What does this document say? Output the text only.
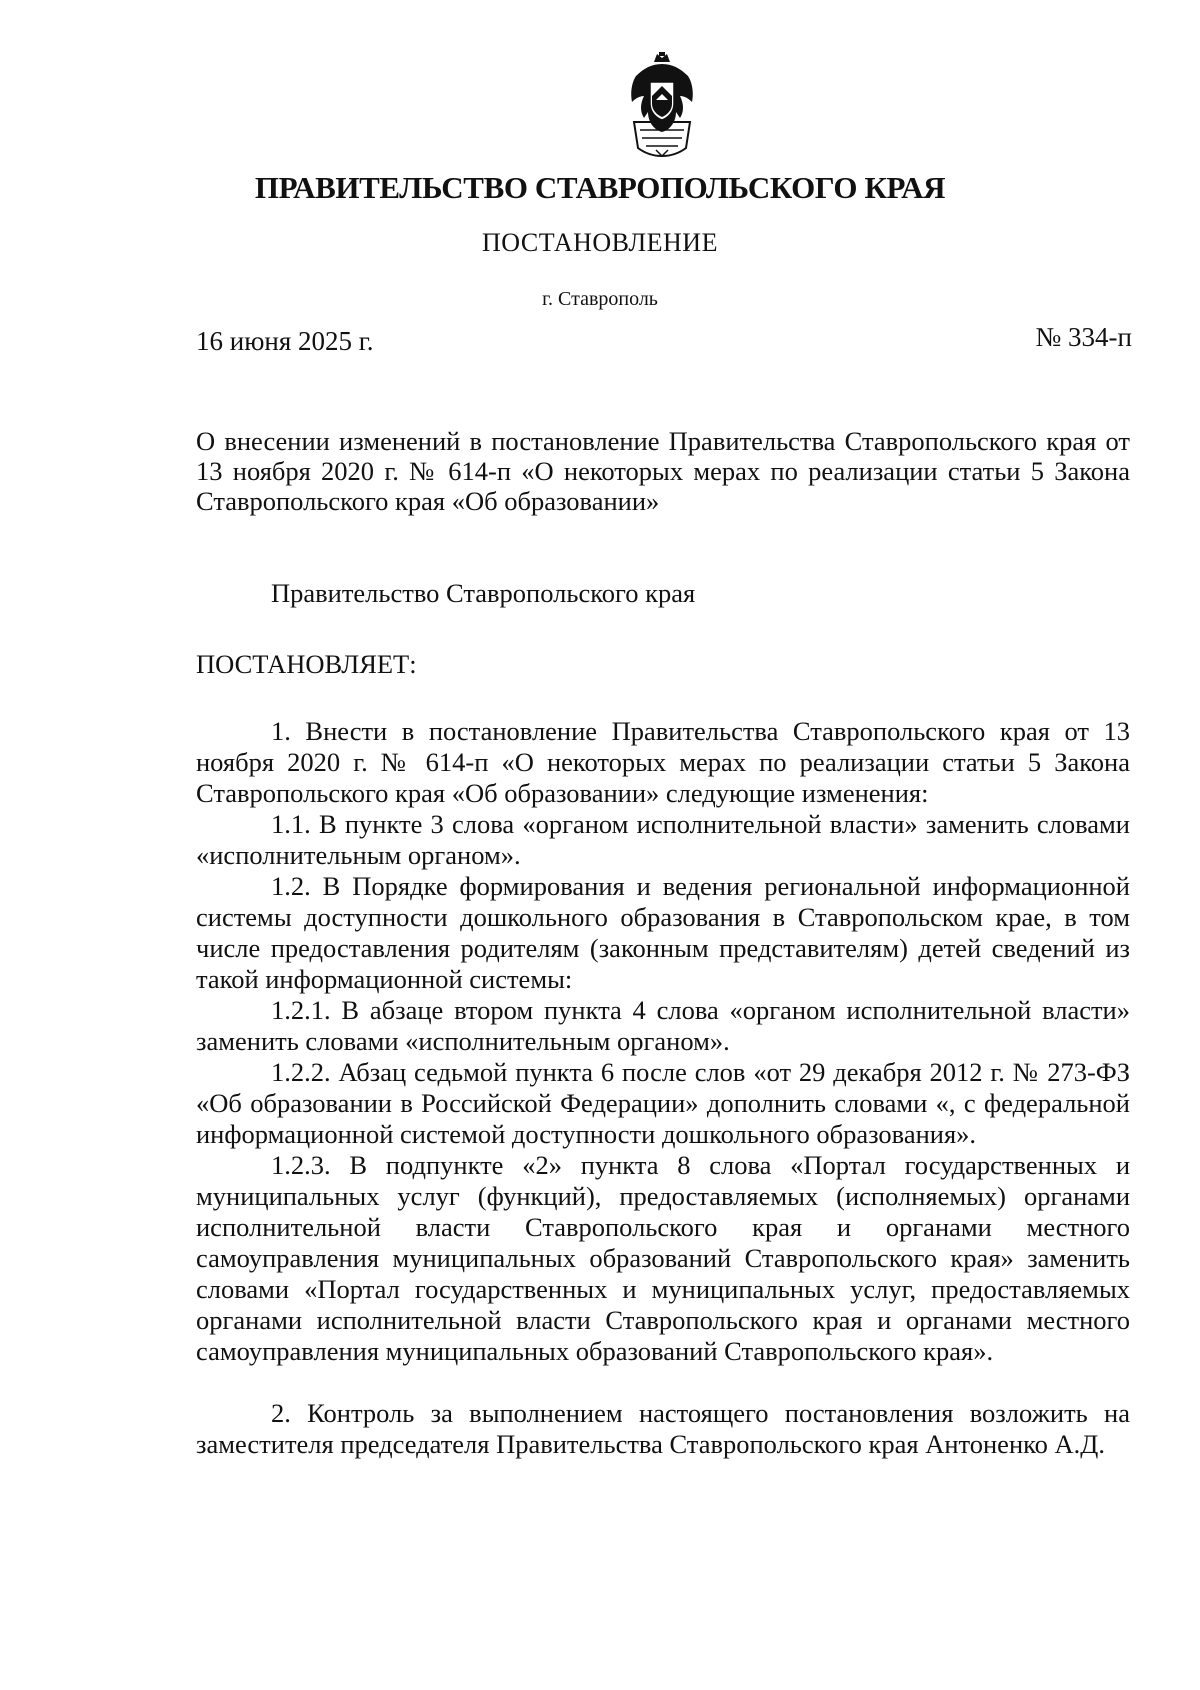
ПРАВИТЕЛЬСТВО СТАВРОПОЛЬСКОГО КРАЯ
ПОСТАНОВЛЕНИЕ
г. Ставрополь
16 июня 2025 г.	№ 334-п
О внесении изменений в постановление Правительства Ставропольского края от 13 ноября 2020 г. № 614-п «О некоторых мерах по реализации статьи 5 Закона Ставропольского края «Об образовании»

Правительство Ставропольского края

ПОСТАНОВЛЯЕТ:

1. Внести в постановление Правительства Ставропольского края от 13 ноября 2020 г. № 614-п «О некоторых мерах по реализации статьи 5 Закона Ставропольского края «Об образовании» следующие изменения:

1.1. В пункте 3 слова «органом исполнительной власти» заменить словами «исполнительным органом».

1.2. В Порядке формирования и ведения региональной информационной системы доступности дошкольного образования в Ставропольском крае, в том числе предоставления родителям (законным представителям) детей сведений из такой информационной системы:

1.2.1. В абзаце втором пункта 4 слова «органом исполнительной власти» заменить словами «исполнительным органом».

1.2.2. Абзац седьмой пункта 6 после слов «от 29 декабря 2012 г. № 273-ФЗ «Об образовании в Российской Федерации» дополнить словами «, с федеральной информационной системой доступности дошкольного образования».

1.2.3. В подпункте «2» пункта 8 слова «Портал государственных и муниципальных услуг (функций), предоставляемых (исполняемых) органами исполнительной власти Ставропольского края и органами местного самоуправления муниципальных образований Ставропольского края» заменить словами «Портал государственных и муниципальных услуг, предоставляемых органами исполнительной власти Ставропольского края и органами местного самоуправления муниципальных образований Ставропольского края».

2. Контроль за выполнением настоящего постановления возложить на заместителя председателя Правительства Ставропольского края Антоненко А.Д.
